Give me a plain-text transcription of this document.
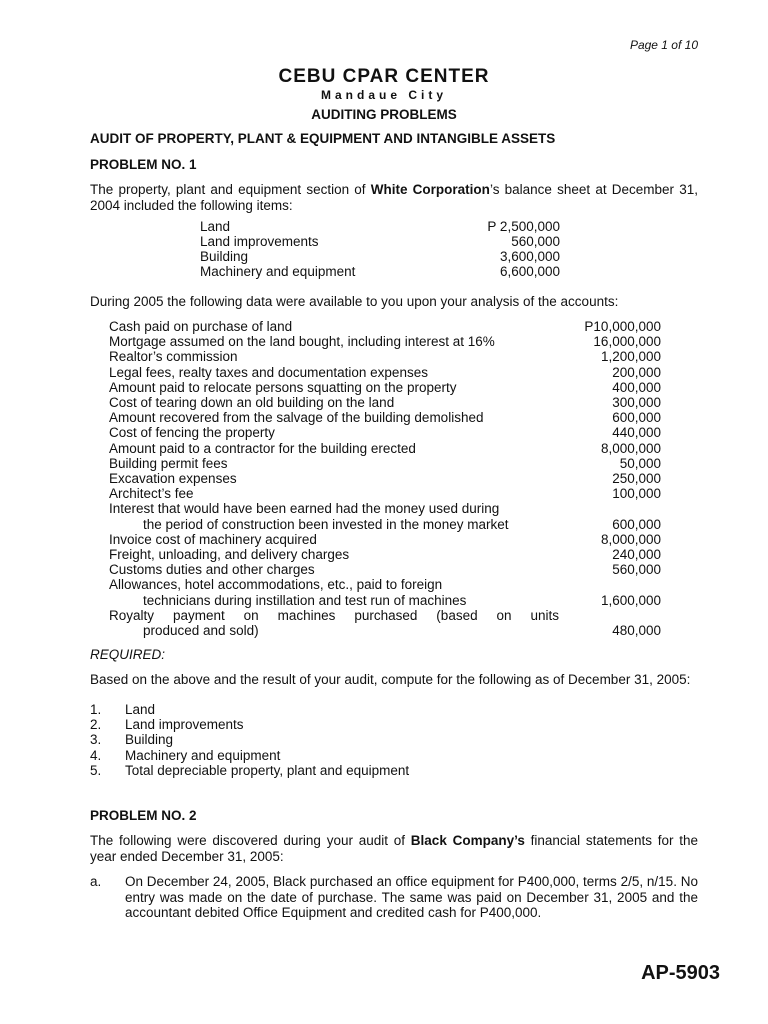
Page 1 of 10
CEBU CPAR CENTER
Mandaue City
AUDITING PROBLEMS
AUDIT OF PROPERTY, PLANT & EQUIPMENT AND INTANGIBLE ASSETS
PROBLEM NO. 1
The property, plant and equipment section of White Corporation’s balance sheet at December 31, 2004 included the following items:
Land	P 2,500,000
Land improvements	560,000
Building	3,600,000
Machinery and equipment	6,600,000
During 2005 the following data were available to you upon your analysis of the accounts:
Cash paid on purchase of land	P10,000,000
Mortgage assumed on the land bought, including interest at 16%	16,000,000
Realtor’s commission	1,200,000
Legal fees, realty taxes and documentation expenses	200,000
Amount paid to relocate persons squatting on the property	400,000
Cost of tearing down an old building on the land	300,000
Amount recovered from the salvage of the building demolished	600,000
Cost of fencing the property	440,000
Amount paid to a contractor for the building erected	8,000,000
Building permit fees	50,000
Excavation expenses	250,000
Architect’s fee	100,000
Interest that would have been earned had the money used during
the period of construction been invested in the money market	600,000
Invoice cost of machinery acquired	8,000,000
Freight, unloading, and delivery charges	240,000
Customs duties and other charges	560,000
Allowances, hotel accommodations, etc., paid to foreign
technicians during instillation and test run of machines	1,600,000
Royalty payment on machines purchased (based on units
produced and sold)	480,000
REQUIRED:
Based on the above and the result of your audit, compute for the following as of December 31, 2005:
1. Land
2. Land improvements
3. Building
4. Machinery and equipment
5. Total depreciable property, plant and equipment
PROBLEM NO. 2
The following were discovered during your audit of Black Company’s financial statements for the year ended December 31, 2005:
a. On December 24, 2005, Black purchased an office equipment for P400,000, terms 2/5, n/15. No entry was made on the date of purchase. The same was paid on December 31, 2005 and the accountant debited Office Equipment and credited cash for P400,000.
AP-5903
